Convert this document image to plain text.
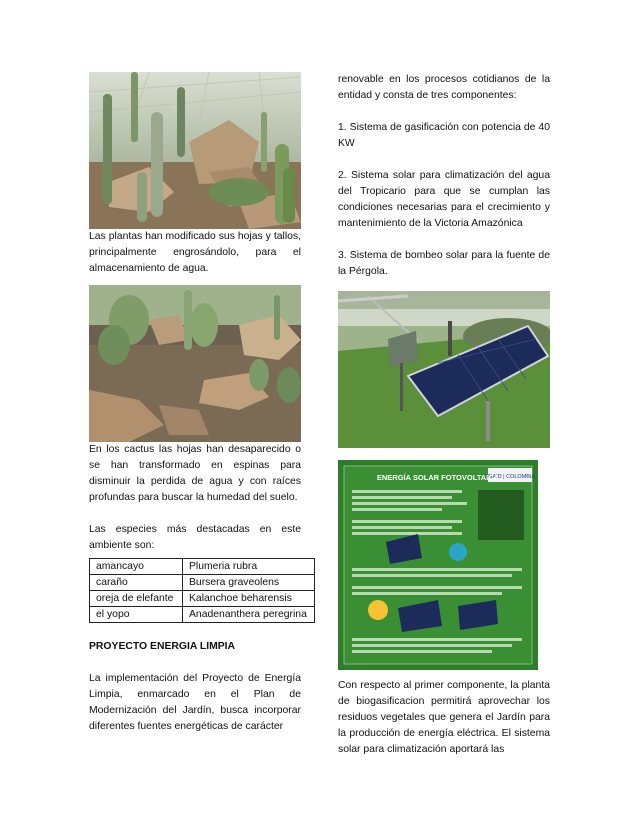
Las plantas han modificado sus hojas y tallos, principalmente engrosándolo, para el almacenamiento de agua.

En los cactus las hojas han desaparecido o se han transformado en espinas para disminuir la perdida de agua y con raíces profundas para buscar la humedad del suelo.

Las especies más destacadas en este ambiente son:

amancayo	Plumeria rubra
caraño	Bursera graveolens
oreja de elefante	Kalanchoe beharensis
el yopo	Anadenanthera peregrina
PROYECTO ENERGIA LIMPIA

La implementación del Proyecto de Energía Limpia, enmarcado en el Plan de Modernización del Jardín, busca incorporar diferentes fuentes energéticas de carácter

renovable en los procesos cotidianos de la entidad y consta de tres componentes:

1. Sistema de gasificación con potencia de 40 KW

2. Sistema solar para climatización del agua del Tropicario para que se cumplan las condiciones necesarias para el crecimiento y mantenimiento de la Victoria Amazónica

3. Sistema de bombeo solar para la fuente de la Pérgola.

USAID | COLOMBIA
ENERGÍA SOLAR FOTOVOLTAICA

Con respecto al primer componente, la planta de biogasificacion permitirá aprovechar los residuos vegetales que genera el Jardín para la producción de energía eléctrica. El sistema solar para climatización aportará las
